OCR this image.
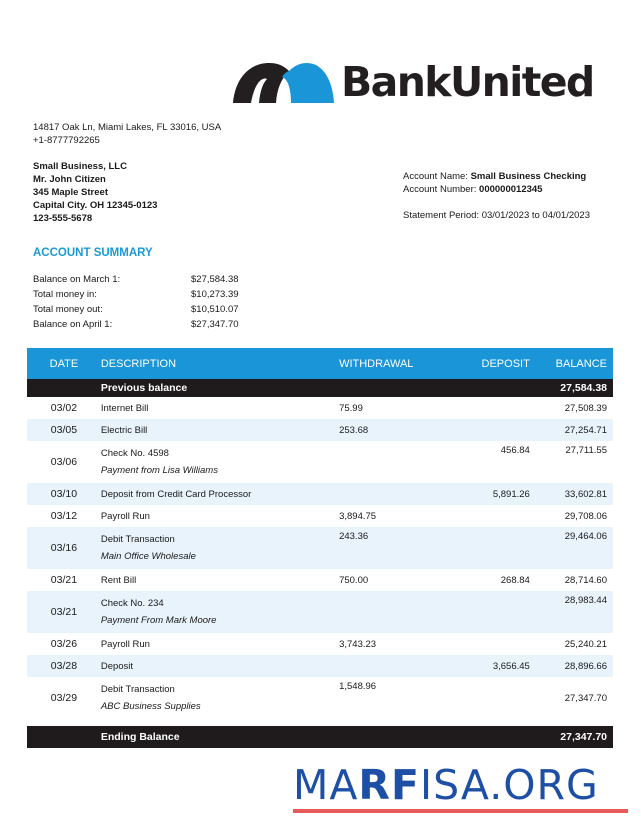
BankUnited
14817 Oak Ln, Miami Lakes, FL 33016, USA
+1-8777792265
Small Business, LLC
Mr. John Citizen
345 Maple Street
Capital City. OH 12345-0123
123-555-5678
Account Name: Small Business Checking
Account Number: 000000012345
Statement Period: 03/01/2023 to 04/01/2023
ACCOUNT SUMMARY
Balance on March 1:	$27,584.38
Total money in:	$10,273.39
Total money out:	$10,510.07
Balance on April 1:	$27,347.70
DATE	DESCRIPTION	WITHDRAWAL	DEPOSIT	BALANCE
	Previous balance			27,584.38
03/02	Internet Bill	75.99		27,508.39
03/05	Electric Bill	253.68		27,254.71
03/06	Check No. 4598
Payment from Lisa Williams		456.84	27,711.55
03/10	Deposit from Credit Card Processor		5,891.26	33,602.81
03/12	Payroll Run	3,894.75		29,708.06
03/16	Debit Transaction
Main Office Wholesale	243.36		29,464.06
03/21	Rent Bill	750.00	268.84	28,714.60
03/21	Check No. 234
Payment From Mark Moore			28,983.44
03/26	Payroll Run	3,743.23		25,240.21
03/28	Deposit		3,656.45	28,896.66
03/29	Debit Transaction
ABC Business Supplies	1,548.96		27,347.70

	Ending Balance			27,347.70
MARFISA.ORG
